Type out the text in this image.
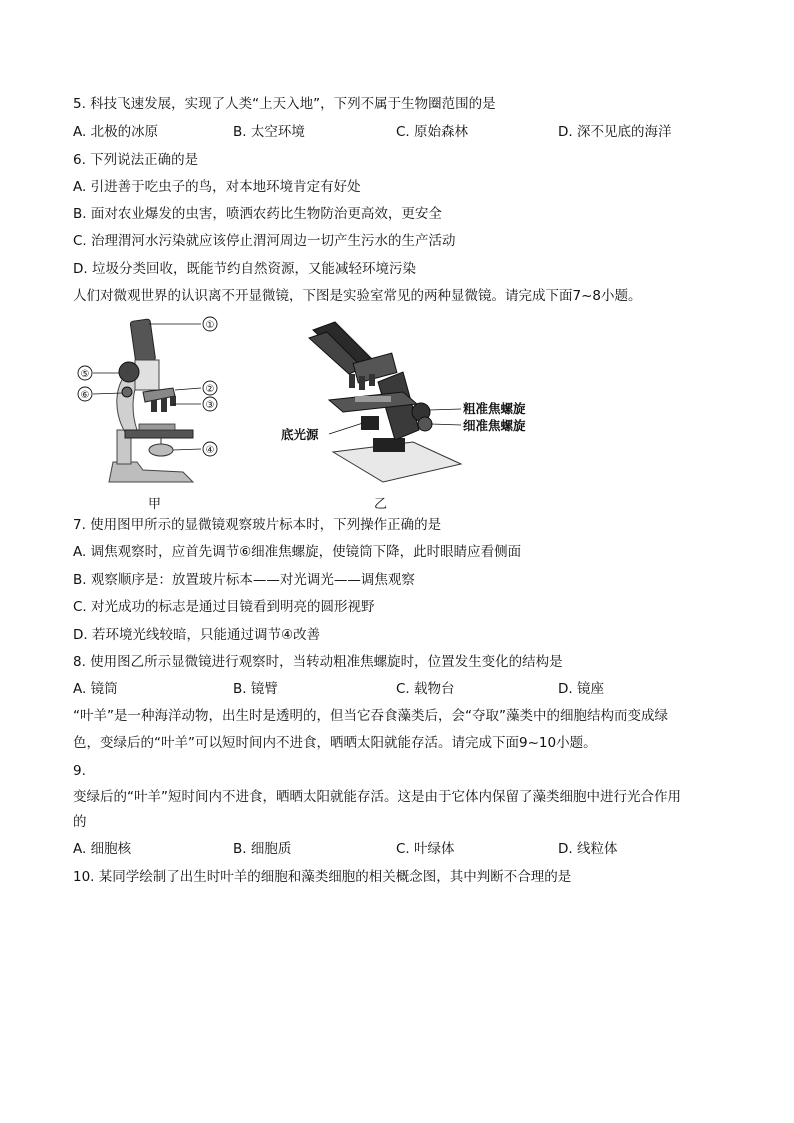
5. 科技飞速发展，实现了人类“上天入地”，下列不属于生物圈范围的是
A. 北极的冰原	B. 太空环境	C. 原始森林	D. 深不见底的海洋
6. 下列说法正确的是
A. 引进善于吃虫子的鸟，对本地环境肯定有好处
B. 面对农业爆发的虫害，喷洒农药比生物防治更高效，更安全
C. 治理渭河水污染就应该停止渭河周边一切产生污水的生产活动
D. 垃圾分类回收，既能节约自然资源，又能减轻环境污染
人们对微观世界的认识离不开显微镜，下图是实验室常见的两种显微镜。请完成下面7~8小题。
①
②
③
④
⑤
⑥
粗准焦螺旋
细准焦螺旋
底光源
甲	乙
7. 使用图甲所示的显微镜观察玻片标本时，下列操作正确的是
A. 调焦观察时，应首先调节⑥细准焦螺旋，使镜筒下降，此时眼睛应看侧面
B. 观察顺序是：放置玻片标本——对光调光——调焦观察
C. 对光成功的标志是通过目镜看到明亮的圆形视野
D. 若环境光线较暗，只能通过调节④改善
8. 使用图乙所示显微镜进行观察时，当转动粗准焦螺旋时，位置发生变化的结构是
A. 镜筒	B. 镜臂	C. 载物台	D. 镜座
“叶羊”是一种海洋动物，出生时是透明的，但当它吞食藻类后，会“夺取”藻类中的细胞结构而变成绿
色，变绿后的“叶羊”可以短时间内不进食，晒晒太阳就能存活。请完成下面9~10小题。
9.
变绿后的“叶羊”短时间内不进食，晒晒太阳就能存活。这是由于它体内保留了藻类细胞中进行光合作用
的
A. 细胞核	B. 细胞质	C. 叶绿体	D. 线粒体
10. 某同学绘制了出生时叶羊的细胞和藻类细胞的相关概念图，其中判断不合理的是
